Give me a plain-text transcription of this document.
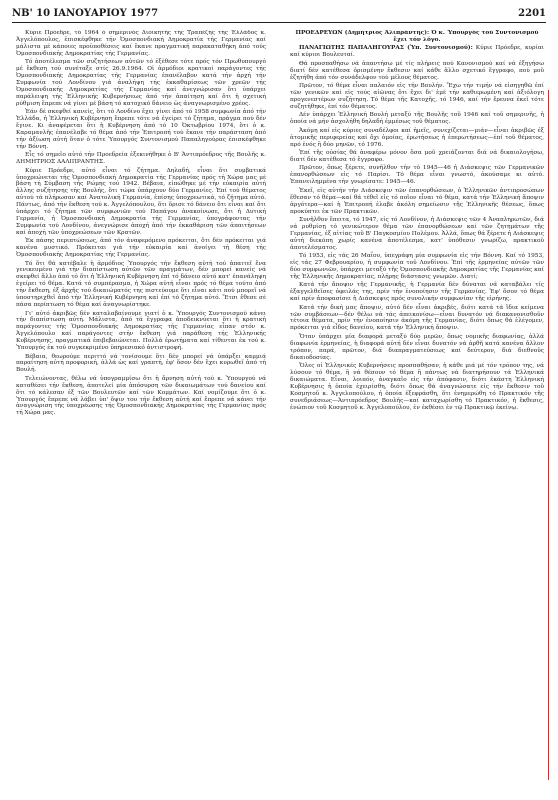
ΝΒ' 10 ΙΑΝΟΥΑΡΙΟΥ 1977	2201

Κύριε Πρόεδρε, τό 1964 ό σημερινός Διοικητής τής Τραπέζης τής Ἑλλάδος κ. Ἀγγελόπουλος, ἐπισκέφθηκε τήν Ὁμοσπονδιακή Δημοκρατία τής Γερμανίας καί μάλιστα μέ κάποιες προϋποθέσεις καί ἔκανε πραγματική παρακαταθήκη άπό τούς Ὁμοσπονδιακής Δημοκρατίας τής Γερμανίας.

Τό ἀποτέλεσμα τῶν συζητήσεων αὐτῶν τό ἐξέθεσε τότε πρός τόν Πρωθυπουργό μέ ἔκθεση τού συνέταξε στίς 26.9.1964. Οἱ ἁρμόδιοι κρατικοί παράγοντες τής Ὁμοσπονδιακής Δημοκρατίας τής Γερμανίας ἐπανέλαβον κατά τήν ἀρχή τήν Συμφωνία τού Λονδίνου γιά ἀναλήψη τής ἐκκαθαρίσεως τῶν χρεῶν τής Ὁμοσπονδιακής Δημοκρατίας τής Γερμανίας καί ἀνεγνώρισαν ὅτι ὑπάρχει παράλειψη τής Ἑλληνικής Κυβερνήσεως ἀπό τήν ἀπαίτηση καί ὅτι ἡ σχετική ρύθμιση ἔπρεπε νά γίνει μέ βάση τό κατοχικό δάνειο ὡς ἀναγνωρισμένο χρέος.

Ἐάν δέ σκεφθεί κανείς, ὅτι τό Λονδίνο ἔχει γίνει ἀπό τό 1958 συμφωνία ἀπό τήν Ἑλλάδα, ἡ Ἑλληνική Κυβέρνηση ἔπρεπε τότε νά ἐγείρει τό ζήτημα, πράγμα πού δέν ἔγινε. Κι ἀναφέρεται ὅτι ἡ Κυβέρνηση ἀπό τό 10 Ὀκτωβρίου 1974, ὅτι ὁ κ. Καραμανλῆς ἐπανέλαβε τό θέμα ἀπό τήν Ἐπιτροπή τού ἔκανε τήν παράσταση ἀπό τήν ἀξίωση αὐτή ὅταν ὁ τότε Ὑπουργός Συντονισμού Παπαληγούρας ἐπισκέφθηκε τήν Βόννη.

Εἶς τό σημεῖο αὐτό τήν Προεδρεία ἐξεκινήθηκε ὁ Β' Ἀντιπρόεδρος τῆς Βουλῆς κ. ΔΗΜΗΤΡΙΟΣ ΔΑΛΙΠΡΑΝΤΗΣ.

Κύριε Πρόεδρε, αὐτό εἶναι τό ζήτημα. Δηλαδή, εἶναι ὅτι συμβατικά ὑποχρεώνεται τής Ὁμοσπονδιακή Δημοκρατία τής Γερμανίας πρός τή Χώρα μας μέ βάση τή Σύμβαση τής Ρώμης τού 1942. Βέβαια, εἰπώθηκε μέ τήν εὐκαιρία αὐτή ἄλλης συζήτησης τής Βουλής, ὅτι τώρα ὑπάρχουν δύο Γερμανίες. Ἐπί τού θέματος αὐτού τά πλήρωσαν καί Ἀνατολική Γερμανία, ἐπίσης ὑποχρεωτικά, τό ζήτημα αὐτό. Πάντως, ἀπό τήν ἔκθεση τού κ. Ἀγγελόπουλου, ὅτι ὅρισε τό δάνειο ὅτι εἶναι καί ὅτι ὑπάρχει τό ζήτημα τῶν συμφωνιῶν τού Παπάγου ἀνακοίνωσε, ὅτι ἡ Δυτική Γερμανία, ἡ Ὁμοσπονδιακή Δημοκρατία τής Γερμανίας, ὑπογράφοντας τήν Συμφωνία τού Λονδίνου, ἀνεγνώρισε ἀποχή ἀπό τήν ἐκκαθάριση τῶν ἀπαιτήσεων καί ἀποχή τῶν ὑποχρεώσεων τῶν Κρατῶν.

Ἐκ πάσης περιπτώσεως, ἀπό τόν ἀναφερόμενο πρόκειται, ὅτι δέν πρόκειται γιά κανένα μυστικό. Πρόκειται γιά τήν εὐκαιρία καί ἀνοίγει τή θέση τής Ὁμοσπονδιακής Δημοκρατίας τής Γερμανίας.

Τό ὅτι θά κατέβαλε ἡ ἁρμόδιος Ὑπουργός τήν ἔκθεση αὐτή τού ἀπαιτεῖ ἕνα γενικευμένο γιά τήν διαπίστωση αὐτῶν τῶν πραγμάτων, δέν μπορεί κανείς νά σκεφθεί ἄλλο ἀπό τό ὅτι ἡ Ἑλληνική Κυβέρνηση ἐπί τό δάνειο αὐτό κατ' ἐπανάληψη ἐγείρει τό θέμα. Κατά τό συμπέρασμα, ἡ Χώρα αὐτή εἶναι πρός τό θέμα τούτο ἀπό τήν ἔκθεση, ἐξ ἀρχῆς τού δικαιώματός της πιστεύουμε ὅτι εἶναι κάτι πού μπορεῖ νά ὑποστηριχθεῖ ἀπό τήν Ἑλληνική Κυβέρνηση καί ἐπί τό ζήτημα αὐτό. Ἔτσι ἔθεσε σέ πάσα περίπτωση τό θέμα καί ἀναγνωρίστηκε.

Γι' αὐτό ἀκριβῶς δέν καταλαβαίνουμε γιατί ὁ κ. Ὑπουργός Συντονισμού κάνει τήν διαπίστωση αὐτή. Μάλιστα, ἀπό τά ἔγγραφα ἀποδεικνύεται ὅτι ἡ κρατική παράγοντες τής Ὁμοσπονδιακής Δημοκρατίας τής Γερμανίας εἶπαν στόν κ. Ἀγγελόπουλο καί παράγοντες στήν ἔκθεση γιά παράθεση τής Ἑλληνικής Κυβέρνησης, πραγματικά ἐπιβεβαιώνεται. Πολλά ἐρωτήματα καί τίθενται ἐκ τού κ. Ὑπουργός ἐκ τού συγκεκριμένο ὑπηρεσιακό ἀντιστροφή.

Βέβαια, θεωρούμε περιττό νά τονίσουμε ὅτι δέν μπορεί νά ὑπάρξει καμμιά παραίτηση αὐτή προφορική, ἀλλά ὡς καί γραπτή, ἐφ' ὅσον δέν ἔχει κυρωθεῖ ἀπό τή Βουλή.

Τελειώνοντας, θέλω νά ὑπογραμμίσω ὅτι ἡ ἄρνηση αὐτή τού κ. Ὑπουργού νά καταθέσει τήν ἔκθεση, ἀποτελεί μία ἀπόσυρση τῶν δικαιωμάτων τού δανείου καί ὅτι τό κάλεσαν ἐξ τῶν Βουλευτῶν καί τῶν Κομμάτων. Καί νομίζουμε ὅτι ὁ κ. Ὑπουργός ἔπρεπε νά λάβει ὑπ' ὄψιν του τήν ἔκθεση αὐτή καί ἔπρεπε νά κάνει τήν ἀναγνώριση τής ὑποχρέωσης τής Ὁμοσπονδιακής Δημοκρατίας τής Γερμανίας πρός τή Χώρα μας.

ΠΡΟΕΔΡΕΥΩΝ (Δημήτριος Ἀλιπράντης): Ὁ κ. Ὑπουργός τού Συντονισμού ἔχει τόν λόγο.

ΠΑΝΑΓΙΩΤΗΣ ΠΑΠΑΛΗΓΟΥΡΑΣ (Ὑπ. Συντονισμού): Κύριε Πρόεδρε, κυρίαι καί κύριοι Βουλευταί.

Θά προσπαθήσω νά ἀπαντήσω μέ τίς πλήρεις πού Κανονισμού καί νά ἐξηγήσω διατί δέν κατέθεσα ὁρισμένην ἔκθεσιν καί κάθε ἄλλο σχετικό ἔγγραφο, πού μοῦ ἐζητήθη ἀπό τόν συνάδελφον τού μέλους θέματος.

Πρῶτον, τό θέμα εἶναι παλαιόν εἰς τήν Βουλήν. Ἔχω τήν τιμήν νά εἰσηγηθῶ ἐπί τῶν γενικῶν καί εἰς τούς αἰῶνας ὅτι ἔχει δι' ἐμέ τήν καθιερωμένη καί ἀξιόλογη προγενεστέρων συζήτηση. Τό θέμα τῆς Κατοχῆς, τό 1946, καί τήν ἔρευνα ἐκεῖ τότε συζητήθηκε, ἐπί τόν θέματος.

Δέν ὑπάρχει Ἑλληνική Βουλή μεταξύ τῆς Βουλῆς τοῦ 1946 καί τοῦ σημερινῆς, ἡ ὁποία νά μήν ἀσχολήθη δηλαδή ἐμμέσως τοῦ θέματος.

Ἀκόμη καί εἰς κύριες συναδέλφοι καί ἡμεῖς, συνεχίζεται—μιάν—εἶναι ἀκριβῶς ἐξ ἀτομικῆς περιφερείας καί ὄχι ὁμοίας, ἐρωτήσεως ἡ ἐπερωτήσεως—ἐπί τοῦ θέματος, πρό ἑνός ἢ δύο μηνῶν, τό 1976.

Ἐπί τῆς οὐσίας θά ἀναφέρω μόνον ὅσα μοῦ χρειάζονται διά νά δικαιολογήσω, διατί δέν κατέθεσα τό ἔγγραφο.

Πρῶτον, ὅπως ξέρετε, συνῆλθον τήν τό 1945—46 ἡ Διάσκεψις τῶν Γερμανικῶν ἐπανορθώσεων εἰς τό Παρίσι. Τό θέμα εἶναι γνωστό, ἀκούσαμε κι αὐτό. Ἐπανειλημμένα τήν γνωρίσατε: 1945—46.

Ἐκεῖ, εἰς αὐτήν τήν Διάσκεψιν τῶν ἐπανορθώσεων, ὁ Ἑλληνικῶν ἀντιπροσώπων ἔθεσαν τό θέμα—καί θά τέθεῖ εἰς τό ποῖον εἶναι τό θέμα, κατά τήν Ἑλληνική ἄποψιν ἀργότερα—καί ἡ Ἐπιτροπή ἐλαβε ἀκόλη σημείωσιν τῆς Ἑλληνικῆς θέσεως, ὅπως προκύπτει ἐκ τῶν Πρακτικῶν.

Συνῆλθον ἔπειτα, τό 1947, εἰς τό Λονδίνον, ἡ Διάσκεψις τῶν 4 Ἀναπληρωτῶν, διά νά ρυθμίσῃ τό γενικώτερον θέμα τῶν ἐπανορθώσεων καί τῶν ζητημάτων τῆς Γερμανίας, ἐξ αἰτίας τοῦ Β' Παγκοσμίου Πολέμου. Ἀλλά, ὅπως θά ξέρετε ἡ Διάσκεψις αὐτή διεκόπη χωρίς κανένα ἀποτέλεσμα, κατ' ὑπόθεσιν γνωρίζω, πρακτικοῦ ἀποτελέσματος.

Τό 1953, εἰς τάς 26 Μαΐου, ὑπεγράφη μία συμφωνία εἰς τήν Βόννη. Καί τό 1953, εἰς τάς 27 Φεβρουαρίου, ἡ συμφωνία τοῦ Λονδίνου. Ἐπί τῆς ἑρμηνείας αὐτῶν τῶν δύο συμφωνιῶν, ὑπάρχει μεταξύ τῆς Ὁμοσπονδιακῆς Δημοκρατίας τῆς Γερμανίας καί τῆς Ἑλληνικῆς Δημοκρατίας, πλήρης διάστασις γνωμῶν. Διατί;

Κατά τήν ἄποψιν τῆς Γερμανικῆς, ἡ Γερμανία δέν δύναται νά καταβάλει τίς ἐξαγγελθεῖσες ὀφειλάς της, πρίν τήν ἑνοποίησιν τῆς Γερμανίας. Ἐφ' ὅσον τό θέμα καί πρίν ἀποφασίσει ἡ Διάσκεψις πρός συνολικήν συμφωνίαν τῆς εἰρήνης.

Κατά τήν δική μας ἄποψιν, αὐτό δέν εἶναι ἀκριβές, διότι κατά τά ἴδια κείμενα τῶν συμβάσεων—δέν θέλω νά τάς ἀπεικονίσω—εἶναι δυνατόν νά διακανονισθοῦν τέτοια θέματα, πρίν τήν ἑνοποίησιν ἀκόμη τῆς Γερμανίας, διότι ὅπως θά ἐλέγομεν, πρόκειται γιά εἶδος δανείου, κατά τήν Ἑλληνική ἄποψιν.

Ὅταν ὑπάρχει μία διαφορά μεταξύ δύο μερῶν, ὅπως νομικῆς διαφωνίας, ἀλλά διαφωνία ἑρμηνείας, ἡ διαφορά αὐτή δέν εἶναι δυνατόν νά ἀρθῆ κατά κανένα ἄλλον τρόπον, παρά, πρῶτον, διά διαπραγματεύσεως καί δεύτερον, διά διεθνοῦς δικαιοδοσίας.

Ὅλες οἱ Ἑλληνικές Κυβερνήσεις προσπαθήσαν, ἡ κάθε μιά μέ τόν τρόπον της, νά λύσουν τό θέμα, ἢ νά θέσουν τό θέμα ἢ πάντως νά διατηρήσουν τά Ἑλληνικά δικαιώματα. Εἶναι, λοιπόν, ἀναγκαῖο εἰς τήν ἀπόφασιν, διότι ἐκάστη Ἑλληνική Κυβέρνησις ἡ ὁποία ἐχειρίσθη, διότι ὅπως θά ἀναγνώσατε εἰς τήν ἔκθεσιν τοῦ Κοσμητοῦ κ. Ἀγγελοπούλου, ἡ ὁποία ἐξεφράσθη, ὅτι ἐνημερώθη τό Πρακτικόν τῆς συνεδριάσεως—Ἀντιπρόεδρος Βουλῆς—καί καταχωρίσθη τό Πρακτικόν, ἡ ἔκθεσις, ἐνώπιον τοῦ Κοσμητοῦ κ. Ἀγγελοπούλου, ἐν ἐκθέσει ἐν τῷ Πρακτικῷ ἐκείνῳ.
